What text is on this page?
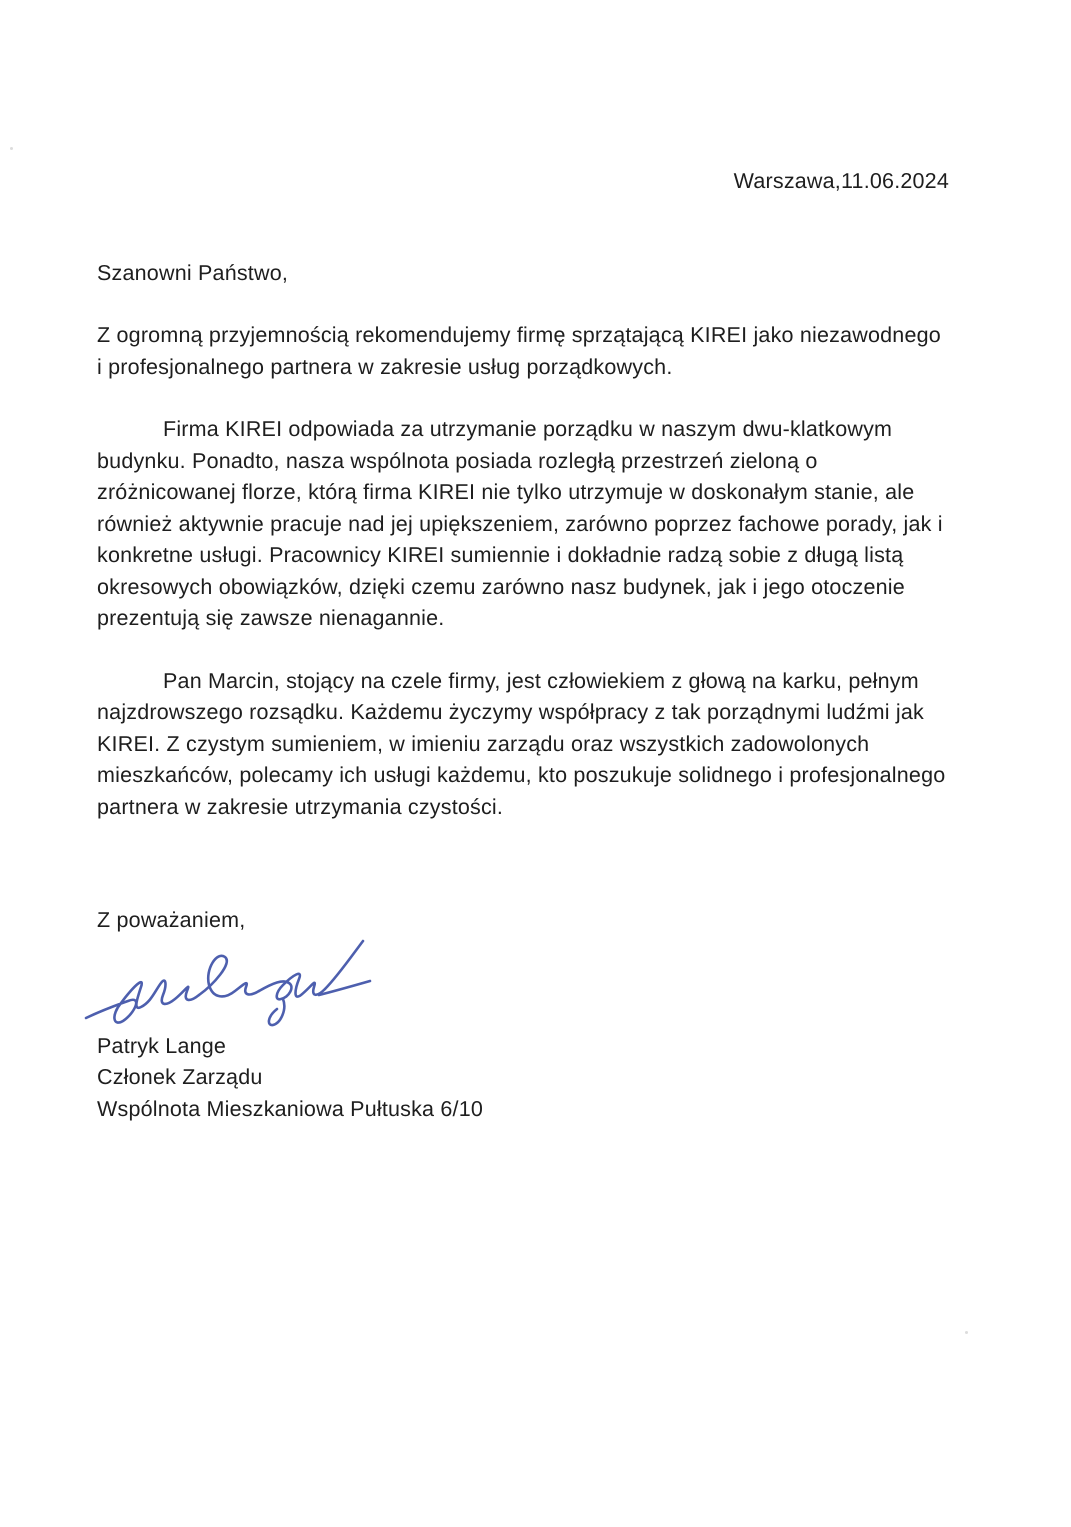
Warszawa,11.06.2024
Szanowni Państwo,

Z ogromną przyjemnością rekomendujemy firmę sprzątającą KIREI jako niezawodnego i profesjonalnego partnera w zakresie usług porządkowych.

Firma KIREI odpowiada za utrzymanie porządku w naszym dwu-klatkowym budynku. Ponadto, nasza wspólnota posiada rozległą przestrzeń zieloną o zróżnicowanej florze, którą firma KIREI nie tylko utrzymuje w doskonałym stanie, ale również aktywnie pracuje nad jej upiększeniem, zarówno poprzez fachowe porady, jak i konkretne usługi. Pracownicy KIREI sumiennie i dokładnie radzą sobie z długą listą okresowych obowiązków, dzięki czemu zarówno nasz budynek, jak i jego otoczenie prezentują się zawsze nienagannie.

Pan Marcin, stojący na czele firmy, jest człowiekiem z głową na karku, pełnym najzdrowszego rozsądku. Każdemu życzymy współpracy z tak porządnymi ludźmi jak KIREI. Z czystym sumieniem, w imieniu zarządu oraz wszystkich zadowolonych mieszkańców, polecamy ich usługi każdemu, kto poszukuje solidnego i profesjonalnego partnera w zakresie utrzymania czystości.

Z poważaniem,
Patryk Lange
Członek Zarządu
Wspólnota Mieszkaniowa Pułtuska 6/10
